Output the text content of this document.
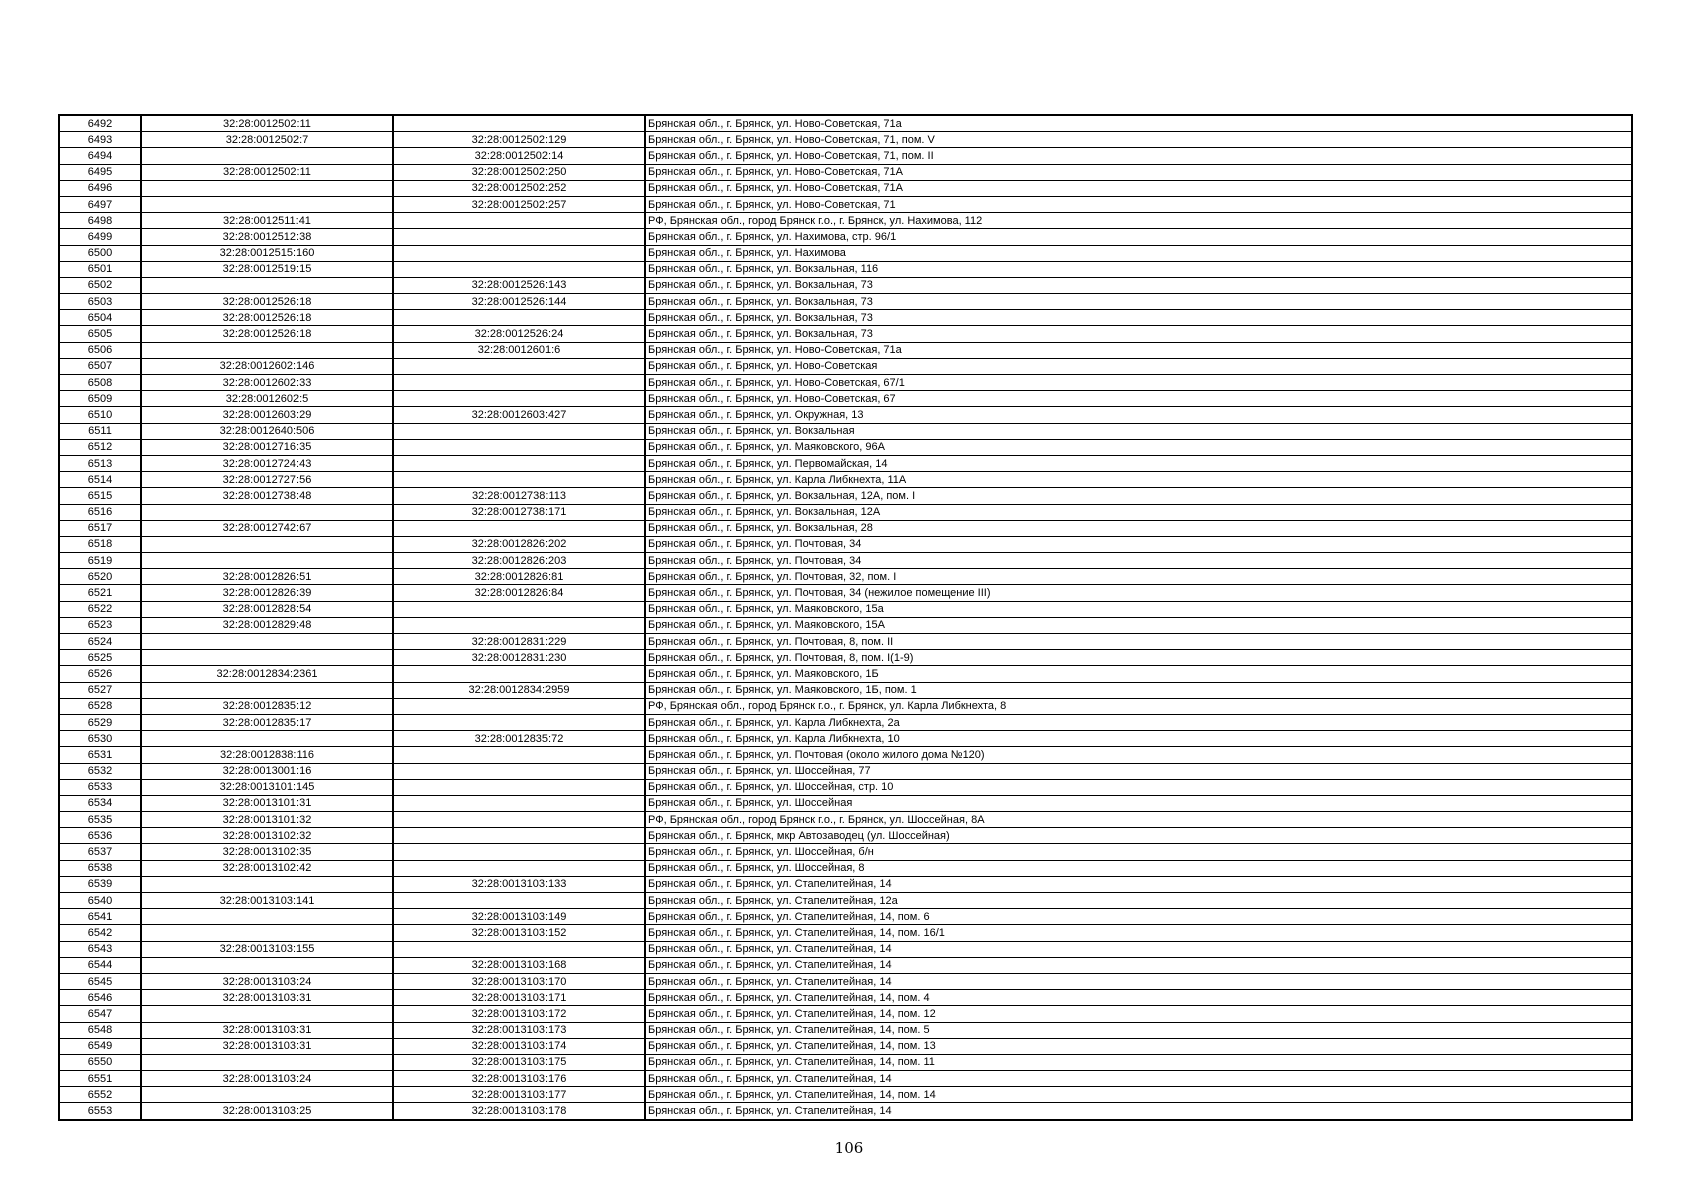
6492	32:28:0012502:11		Брянская обл., г. Брянск, ул. Ново-Советская, 71а
6493	32:28:0012502:7	32:28:0012502:129	Брянская обл., г. Брянск, ул. Ново-Советская, 71, пом. V
6494		32:28:0012502:14	Брянская обл., г. Брянск, ул. Ново-Советская, 71, пом. II
6495	32:28:0012502:11	32:28:0012502:250	Брянская обл., г. Брянск, ул. Ново-Советская, 71А
6496		32:28:0012502:252	Брянская обл., г. Брянск, ул. Ново-Советская, 71А
6497		32:28:0012502:257	Брянская обл., г. Брянск, ул. Ново-Советская, 71
6498	32:28:0012511:41		РФ, Брянская обл., город Брянск г.о., г. Брянск, ул. Нахимова, 112
6499	32:28:0012512:38		Брянская обл., г. Брянск, ул. Нахимова, стр. 96/1
6500	32:28:0012515:160		Брянская обл., г. Брянск, ул. Нахимова
6501	32:28:0012519:15		Брянская обл., г. Брянск, ул. Вокзальная, 116
6502		32:28:0012526:143	Брянская обл., г. Брянск, ул. Вокзальная, 73
6503	32:28:0012526:18	32:28:0012526:144	Брянская обл., г. Брянск, ул. Вокзальная, 73
6504	32:28:0012526:18		Брянская обл., г. Брянск, ул. Вокзальная, 73
6505	32:28:0012526:18	32:28:0012526:24	Брянская обл., г. Брянск, ул. Вокзальная, 73
6506		32:28:0012601:6	Брянская обл., г. Брянск, ул. Ново-Советская, 71а
6507	32:28:0012602:146		Брянская обл., г. Брянск, ул. Ново-Советская
6508	32:28:0012602:33		Брянская обл., г. Брянск, ул. Ново-Советская, 67/1
6509	32:28:0012602:5		Брянская обл., г. Брянск, ул. Ново-Советская, 67
6510	32:28:0012603:29	32:28:0012603:427	Брянская обл., г. Брянск, ул. Окружная, 13
6511	32:28:0012640:506		Брянская обл., г. Брянск, ул. Вокзальная
6512	32:28:0012716:35		Брянская обл., г. Брянск, ул. Маяковского, 96А
6513	32:28:0012724:43		Брянская обл., г. Брянск, ул. Первомайская, 14
6514	32:28:0012727:56		Брянская обл., г. Брянск, ул. Карла Либкнехта, 11А
6515	32:28:0012738:48	32:28:0012738:113	Брянская обл., г. Брянск, ул. Вокзальная, 12А, пом. I
6516		32:28:0012738:171	Брянская обл., г. Брянск, ул. Вокзальная, 12А
6517	32:28:0012742:67		Брянская обл., г. Брянск, ул. Вокзальная, 28
6518		32:28:0012826:202	Брянская обл., г. Брянск, ул. Почтовая, 34
6519		32:28:0012826:203	Брянская обл., г. Брянск, ул. Почтовая, 34
6520	32:28:0012826:51	32:28:0012826:81	Брянская обл., г. Брянск, ул. Почтовая, 32, пом. I
6521	32:28:0012826:39	32:28:0012826:84	Брянская обл., г. Брянск, ул. Почтовая, 34 (нежилое помещение III)
6522	32:28:0012828:54		Брянская обл., г. Брянск, ул. Маяковского, 15а
6523	32:28:0012829:48		Брянская обл., г. Брянск, ул. Маяковского, 15А
6524		32:28:0012831:229	Брянская обл., г. Брянск, ул. Почтовая, 8, пом. II
6525		32:28:0012831:230	Брянская обл., г. Брянск, ул. Почтовая, 8, пом. I(1-9)
6526	32:28:0012834:2361		Брянская обл., г. Брянск, ул. Маяковского, 1Б
6527		32:28:0012834:2959	Брянская обл., г. Брянск, ул. Маяковского, 1Б, пом. 1
6528	32:28:0012835:12		РФ, Брянская обл., город Брянск г.о., г. Брянск, ул. Карла Либкнехта, 8
6529	32:28:0012835:17		Брянская обл., г. Брянск, ул. Карла Либкнехта, 2а
6530		32:28:0012835:72	Брянская обл., г. Брянск, ул. Карла Либкнехта, 10
6531	32:28:0012838:116		Брянская обл., г. Брянск, ул. Почтовая (около жилого дома №120)
6532	32:28:0013001:16		Брянская обл., г. Брянск, ул. Шоссейная, 77
6533	32:28:0013101:145		Брянская обл., г. Брянск, ул. Шоссейная, стр. 10
6534	32:28:0013101:31		Брянская обл., г. Брянск, ул. Шоссейная
6535	32:28:0013101:32		РФ, Брянская обл., город Брянск г.о., г. Брянск, ул. Шоссейная, 8А
6536	32:28:0013102:32		Брянская обл., г. Брянск, мкр Автозаводец (ул. Шоссейная)
6537	32:28:0013102:35		Брянская обл., г. Брянск, ул. Шоссейная, б/н
6538	32:28:0013102:42		Брянская обл., г. Брянск, ул. Шоссейная, 8
6539		32:28:0013103:133	Брянская обл., г. Брянск, ул. Стапелитейная, 14
6540	32:28:0013103:141		Брянская обл., г. Брянск, ул. Стапелитейная, 12а
6541		32:28:0013103:149	Брянская обл., г. Брянск, ул. Стапелитейная, 14, пом. 6
6542		32:28:0013103:152	Брянская обл., г. Брянск, ул. Стапелитейная, 14, пом. 16/1
6543	32:28:0013103:155		Брянская обл., г. Брянск, ул. Стапелитейная, 14
6544		32:28:0013103:168	Брянская обл., г. Брянск, ул. Стапелитейная, 14
6545	32:28:0013103:24	32:28:0013103:170	Брянская обл., г. Брянск, ул. Стапелитейная, 14
6546	32:28:0013103:31	32:28:0013103:171	Брянская обл., г. Брянск, ул. Стапелитейная, 14, пом. 4
6547		32:28:0013103:172	Брянская обл., г. Брянск, ул. Стапелитейная, 14, пом. 12
6548	32:28:0013103:31	32:28:0013103:173	Брянская обл., г. Брянск, ул. Стапелитейная, 14, пом. 5
6549	32:28:0013103:31	32:28:0013103:174	Брянская обл., г. Брянск, ул. Стапелитейная, 14, пом. 13
6550		32:28:0013103:175	Брянская обл., г. Брянск, ул. Стапелитейная, 14, пом. 11
6551	32:28:0013103:24	32:28:0013103:176	Брянская обл., г. Брянск, ул. Стапелитейная, 14
6552		32:28:0013103:177	Брянская обл., г. Брянск, ул. Стапелитейная, 14, пом. 14
6553	32:28:0013103:25	32:28:0013103:178	Брянская обл., г. Брянск, ул. Стапелитейная, 14
106
